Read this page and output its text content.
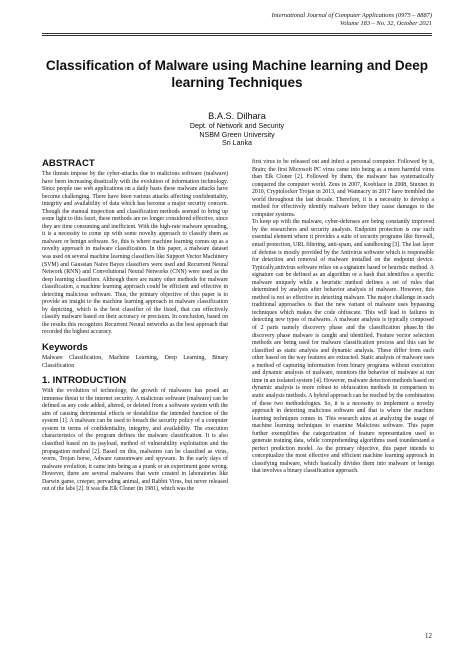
International Journal of Computer Applications (0975 – 8887)
Volume 183 – No. 32, October 2021
Classification of Malware using Machine learning and Deep learning Techniques
B.A.S. Dilhara
Dept. of Network and Security
NSBM Green University
Sri Lanka
ABSTRACT

The threats impose by the cyber-attacks due to malicious software (malware) have been increasing drastically with the evolution of information technology. Since people use web applications on a daily basis these malware attacks have become challenging. There have been various attacks affecting confidentiality, integrity and availability of data which has become a major security concern. Though the manual inspection and classification methods seemed to bring up some light to this facet, these methods are no longer considered effective, since they are time consuming and inefficient. With the high-rate malware spreading, it is a necessity to come up with some novelty approach to classify them as malware or benign software. So, this is where machine learning comes up as a novelty approach in malware classification. In this paper, a malware dataset was used on several machine learning classifiers like Support Vector Machinery (SVM) and Gaussian Naive Bayes classifiers were used and Recurrent Neural Network (RNN) and Convolutional Neural Networks (CNN) were used as the deep learning classifiers. Although there are many other methods for malware classification, a machine learning approach could be efficient and effective in detecting malicious software. Thus, the primary objective of this paper is to provide an insight to the machine learning approach in malware classification by depicting, which is the best classifier of the listed, that can effectively classify malware based on their accuracy or precision. In conclusion, based on the results this recognizes Recurrent Neural networks as the best approach that recorded the highest accuracy.

Keywords

Malware Classification, Machine Learning, Deep Learning, Binary Classification

1. INTRODUCTION

With the evolution of technology, the growth of malwares has posed an immense threat to the internet security. A malicious software (malware) can be defined as any code added, altered, or deleted from a software system with the aim of causing detrimental effects or destabilize the intended function of the system [1]. A malware can be used to breach the security policy of a computer system in terms of confidentiality, integrity, and availability. The execution characteristics of the program defines the malware classification. It is also classified based on its payload, method of vulnerability exploitation and the propagation method [2]. Based on this, malwares can be classified as virus, worm, Trojan horse, Adware ransomware and spyware. In the early days of malware evolution, it came into being as a prank or an experiment gone wrong. However, there are several malwares that were created in laboratories like Darwin game, creeper, pervading animal, and Rabbit Virus, but never released out of the labs [2]. It was the Elk Cloner (in 1981), which was the

first virus to be released out and infect a personal computer. Followed by it, Brain; the first Microsoft PC virus came into being as a more harmful virus than Elk Cloner [2]. Followed by them, the malware has systematically conquered the computer world. Zeus in 2007, Koobface in 2008, Stuxnet in 2010, Cryptolocker Trojan in 2013, and Wannacry in 2017 have trembled the world throughout the last decade. Therefore, it is a necessity to develop a method for effectively identify malware before they cause damages to the computer systems.

To keep up with the malware, cyber-defenses are being constantly improved by the researchers and security analysts. Endpoint protection is one such essential element where it provides a suite of security programs like firewall, email protection, URL filtering, anti-spam, and sandboxing [3]. The last layer of defense is mostly provided by the Antivirus software which is responsible for detection and removal of malware installed on the endpoint device. Typically,antivirus software relies on a signature based or heuristic method. A signature can be defined as an algorithm or a hash that identifies a specific malware uniquely while a heuristic method defines a set of rules that determined by analysts after behavior analysis of malware. However, this method is not so effective in detecting malware. The major challenge in such traditional approaches is that the new variant of malware uses bypassing techniques which makes the code obfuscate. This will lead to failures in detecting new types of malwares. A malware analysis is typically composed of 2 parts namely discovery phase and the classification phase.In the discovery phase malware is caught and identified. Feature vector selection methods are being used for malware classification process and this can be classified as static analysis and dynamic analysis. These differ from each other based on the way features are extracted. Static analysis of malware uses a method of capturing information from binary programs without execution and dynamic analysis of malware, monitors the behavior of malware at run time in an isolated system [4]. However, malware detection methods based on dynamic analysis is more robust to obfuscation methods in comparison to static analysis methods. A hybrid approach can be reached by the combination of these two methodologies. So, it is a necessity to implement a novelty approach in detecting malicious software and that is where the machine learning techniques comes in. This research aims at analyzing the usage of machine learning techniques to examine Malicious software. This paper further exemplifies the categorization of feature representation used to generate training data, while comprehending algorithms used tounderstand a perfect prediction model. As the primary objective, this paper intends to conceptualize the most effective and efficient machine learning approach in classifying malware, which basically divides them into malware or benign that involves a binary classification approach.

12
